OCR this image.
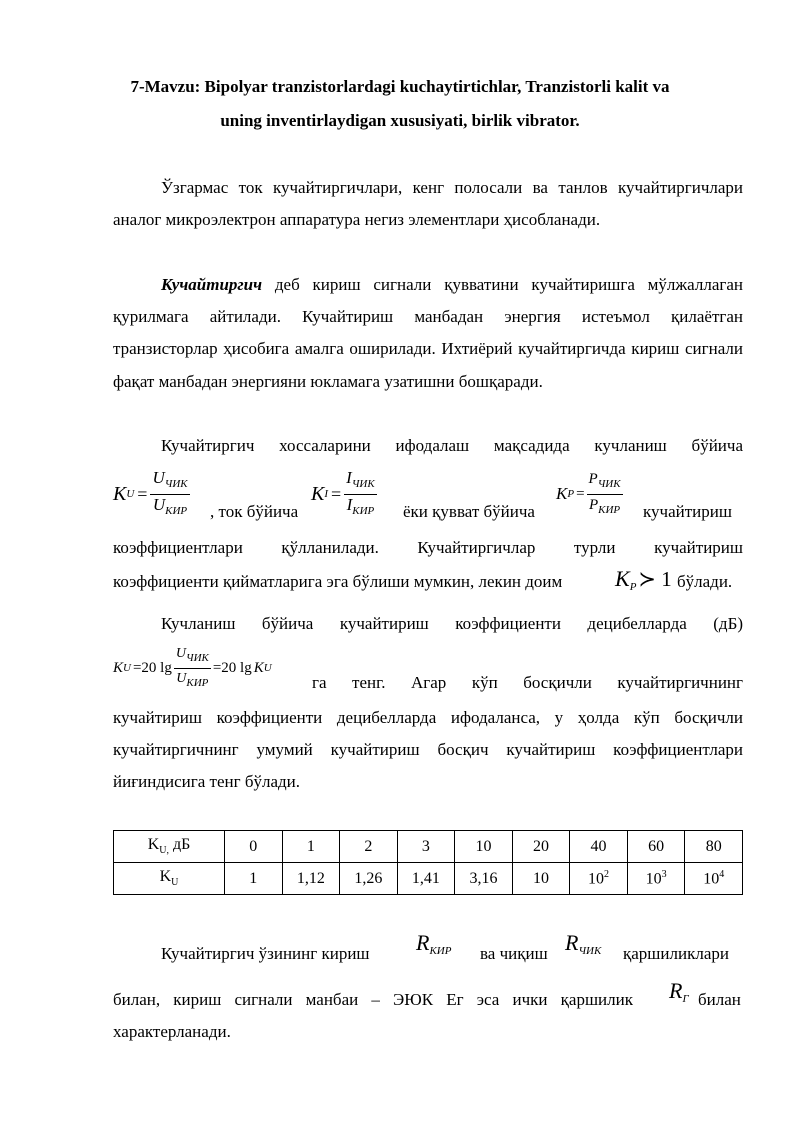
7-Mavzu: Bipolyar tranzistorlardagi kuchaytirtichlar, Tranzistorli kalit va
uning inventirlaydigan xususiyati, birlik vibrator.
Ўзгармас ток кучайтиргичлари, кенг полосали ва танлов кучайтиргичлари аналог микроэлектрон аппаратура негиз элементлари ҳисобланади.
Кучайтиргич деб кириш сигнали қувватини кучайтиришга мўлжаллаган қурилмага айтилади. Кучайтириш манбадан энергия истеъмол қилаётган транзисторлар ҳисобига амалга оширилади. Ихтиёрий кучайтиргичда кириш сигнали фақат манбадан энергияни юкламага узатишни бошқаради.
Кучайтиргич хоссаларини ифодалаш мақсадида кучланиш бўйича
K $U = \frac{U_{ЧИК}}{U_{КИР}}$ , ток бўйича
K $I = \frac{I_{ЧИК}}{I_{КИР}}$ ёки қувват бўйича
K $P = \frac{P_{ЧИК}}{P_{КИР}}$ кучайтириш
коэффициентлари қўлланилади. Кучайтиргичлар турли кучайтириш
коэффициенти қийматларига эга бўлиши мумкин, лекин доим $K_P≻$ 1 бўлади.
Кучланиш бўйича кучайтириш коэффициенти децибелларда (дБ)
K U =20 $\lg \frac{U_{ЧИК}}{U_{КИР}} =20$ lg K U
га тенг. Агар кўп босқичли кучайтиргичнинг
кучайтириш коэффициенти децибелларда ифодаланса, у ҳолда кўп босқичли кучайтиргичнинг умумий кучайтириш босқич кучайтириш коэффициентлари йиғиндисига тенг бўлади.
$K_{U,}$ дБ	0	1	2	3	10	20	40	60	80
$K_U$	1	1,12	1,26	1,41	3,16	10	$10^2$	$10^3$	$10^4$
Кучайтиргич ўзининг кириш $R_{КИР}$ ва чиқиш $R_{ЧИК}$ қаршиликлари
билан, кириш сигнали манбаи – ЭЮК Ег эса ички қаршилик $R_Г$ билан
характерланади.
